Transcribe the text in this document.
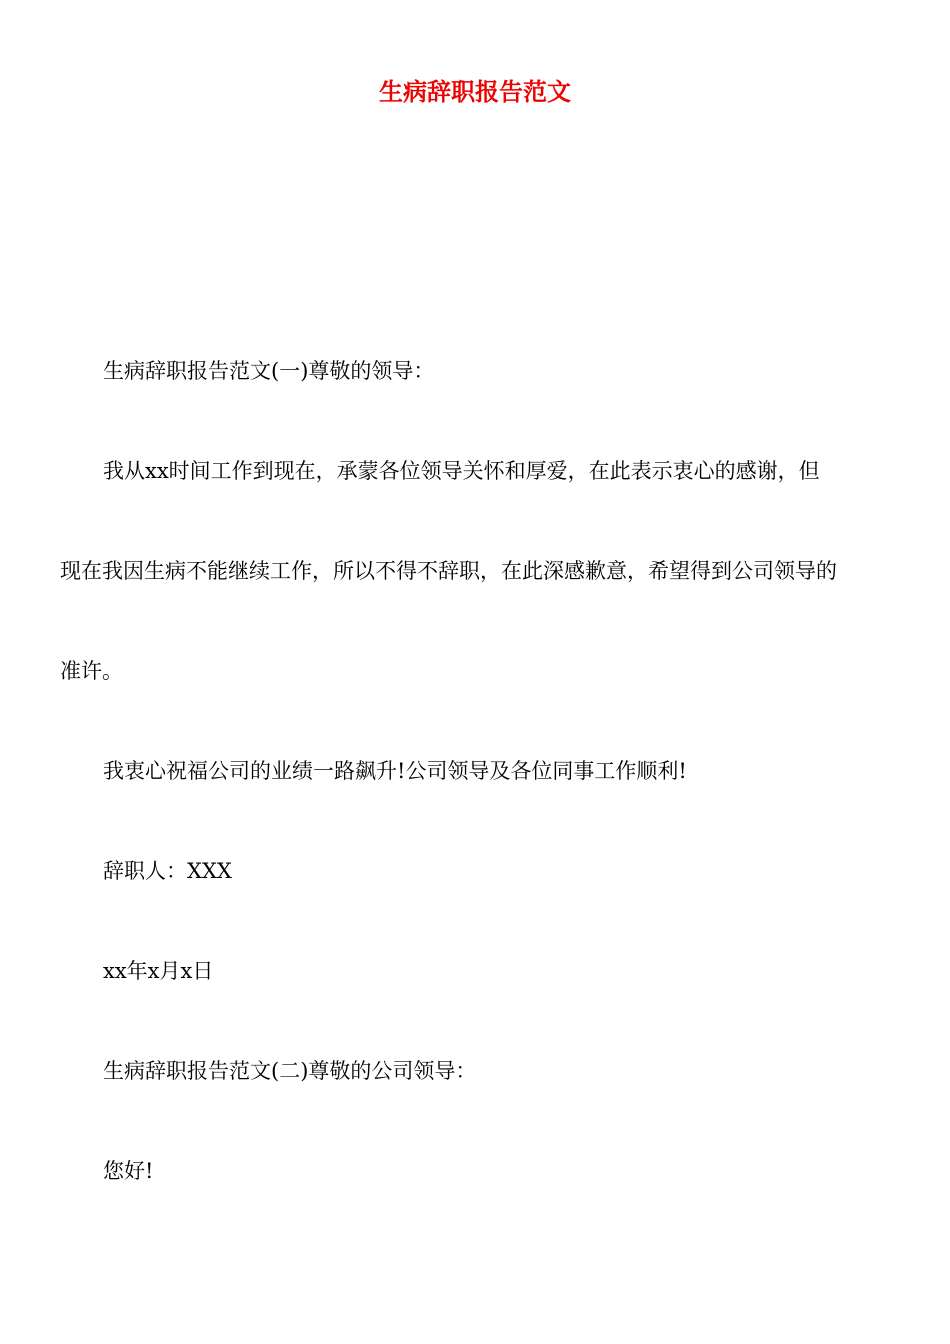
生病辞职报告范文
生病辞职报告范文(一)尊敬的领导：
我从xx时间工作到现在，承蒙各位领导关怀和厚爱，在此表示衷心的感谢，但
现在我因生病不能继续工作，所以不得不辞职，在此深感歉意，希望得到公司领导的
准许。
我衷心祝福公司的业绩一路飙升!公司领导及各位同事工作顺利!
辞职人：XXX
xx年x月x日
生病辞职报告范文(二)尊敬的公司领导：
您好!
